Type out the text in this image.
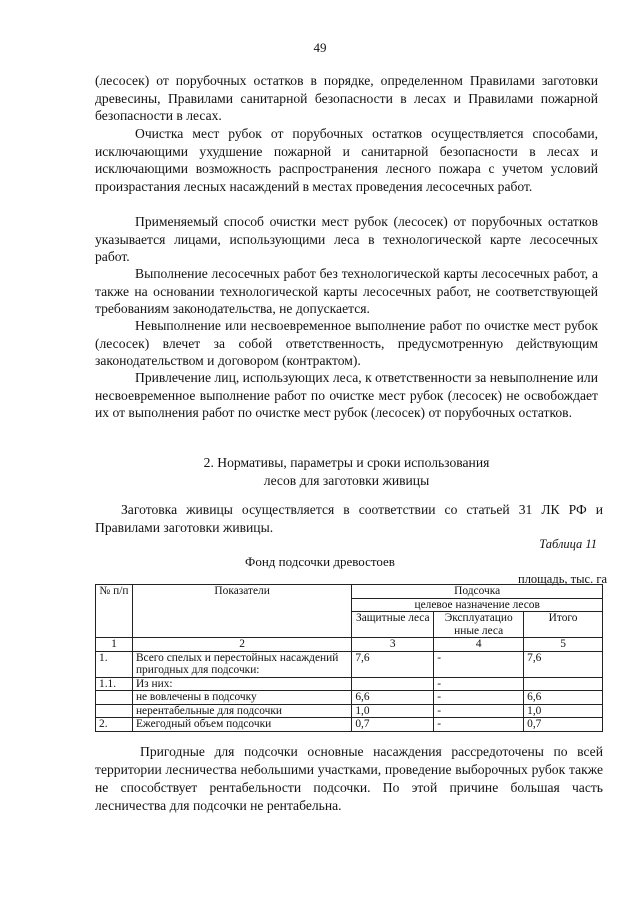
49

(лесосек) от порубочных остатков в порядке, определенном Правилами заготовки древесины, Правилами санитарной безопасности в лесах и Правилами пожарной безопасности в лесах.

Очистка мест рубок от порубочных остатков осуществляется способами, исключающими ухудшение пожарной и санитарной безопасности в лесах и исключающими возможность распространения лесного пожара с учетом условий произрастания лесных насаждений в местах проведения лесосечных работ.

Применяемый способ очистки мест рубок (лесосек) от порубочных остатков указывается лицами, использующими леса в технологической карте лесосечных работ.

Выполнение лесосечных работ без технологической карты лесосечных работ, а также на основании технологической карты лесосечных работ, не соответствующей требованиям законодательства, не допускается.

Невыполнение или несвоевременное выполнение работ по очистке мест рубок (лесосек) влечет за собой ответственность, предусмотренную действующим законодательством и договором (контрактом).

Привлечение лиц, использующих леса, к ответственности за невыполнение или несвоевременное выполнение работ по очистке мест рубок (лесосек) не освобождает их от выполнения работ по очистке мест рубок (лесосек) от порубочных остатков.

2. Нормативы, параметры и сроки использования
лесов для заготовки живицы

Заготовка живицы осуществляется в соответствии со статьей 31 ЛК РФ и Правилами заготовки живицы.

Таблица 11
Фонд подсочки древостоев
площадь, тыс. га
№ п/п	Показатели	Подсочка
целевое назначение лесов		

		Защитные леса	Эксплуатацио нные леса	Итого
1	2	3	4	5
1.	Всего спелых и перестойных насаждений пригодных для подсочки:	7,6	-	7,6
1.1.	Из них:		-	
	не вовлечены в подсочку	6,6	-	6,6
	нерентабельные для подсочки	1,0	-	1,0
2.	Ежегодный объем подсочки	0,7	-	0,7

Пригодные для подсочки основные насаждения рассредоточены по всей территории лесничества небольшими участками, проведение выборочных рубок также не способствует рентабельности подсочки. По этой причине большая часть лесничества для подсочки не рентабельна.
